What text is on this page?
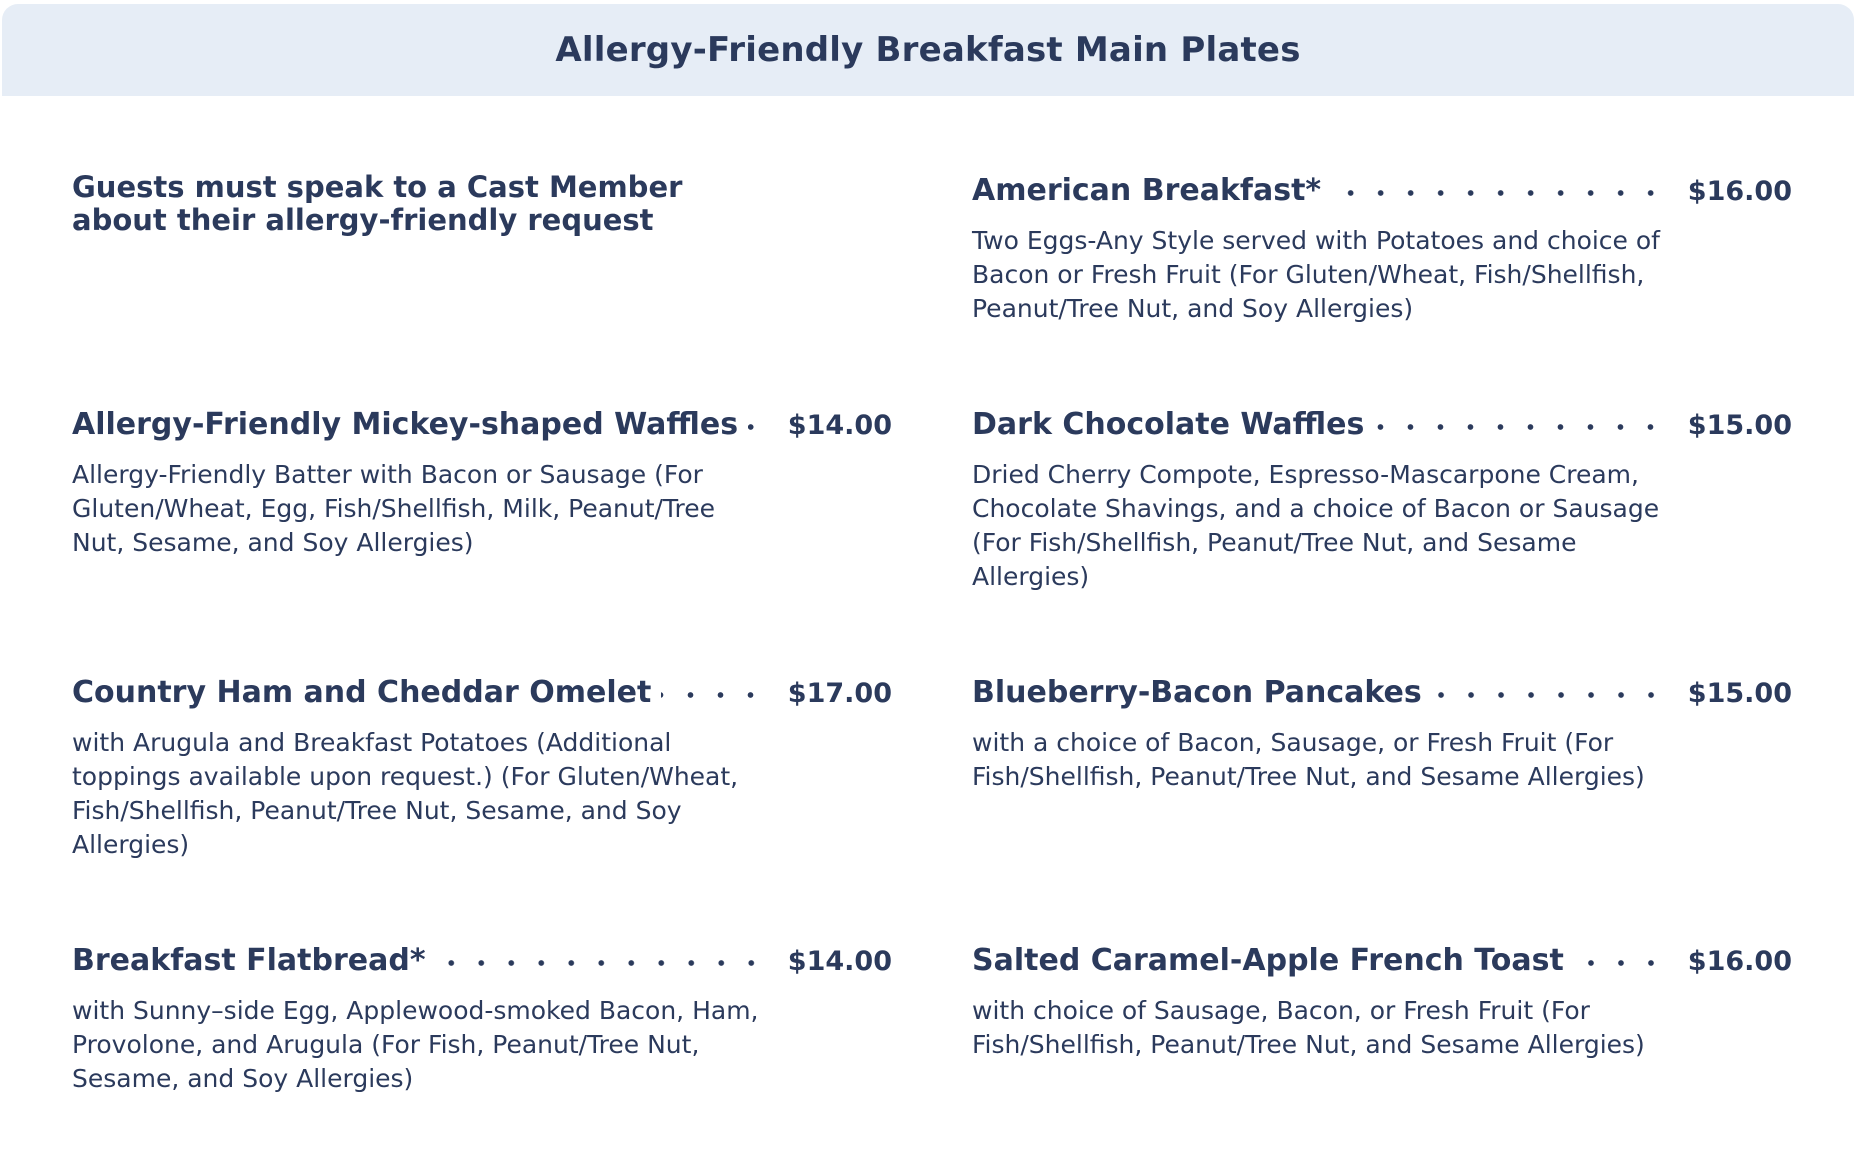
Allergy-Friendly Breakfast Main Plates
Guests must speak to a Cast Member about their allergy-friendly request
American Breakfast*	$16.00
Two Eggs-Any Style served with Potatoes and choice of Bacon or Fresh Fruit (For Gluten/Wheat, Fish/Shellfish, Peanut/Tree Nut, and Soy Allergies)
Allergy-Friendly Mickey-shaped Waffles $14.00
Allergy-Friendly Batter with Bacon or Sausage (For Gluten/Wheat, Egg, Fish/Shellfish, Milk, Peanut/Tree Nut, Sesame, and Soy Allergies)
Dark Chocolate Waffles	$15.00
Dried Cherry Compote, Espresso-Mascarpone Cream, Chocolate Shavings, and a choice of Bacon or Sausage (For Fish/Shellfish, Peanut/Tree Nut, and Sesame Allergies)
Country Ham and Cheddar Omelet	$17.00
with Arugula and Breakfast Potatoes (Additional toppings available upon request.) (For Gluten/Wheat, Fish/Shellfish, Peanut/Tree Nut, Sesame, and Soy Allergies)
Blueberry-Bacon Pancakes	$15.00
with a choice of Bacon, Sausage, or Fresh Fruit (For Fish/Shellfish, Peanut/Tree Nut, and Sesame Allergies)
Breakfast Flatbread*	$14.00
with Sunny–side Egg, Applewood-smoked Bacon, Ham, Provolone, and Arugula (For Fish, Peanut/Tree Nut, Sesame, and Soy Allergies)
Salted Caramel-Apple French Toast	$16.00
with choice of Sausage, Bacon, or Fresh Fruit (For Fish/Shellfish, Peanut/Tree Nut, and Sesame Allergies)
